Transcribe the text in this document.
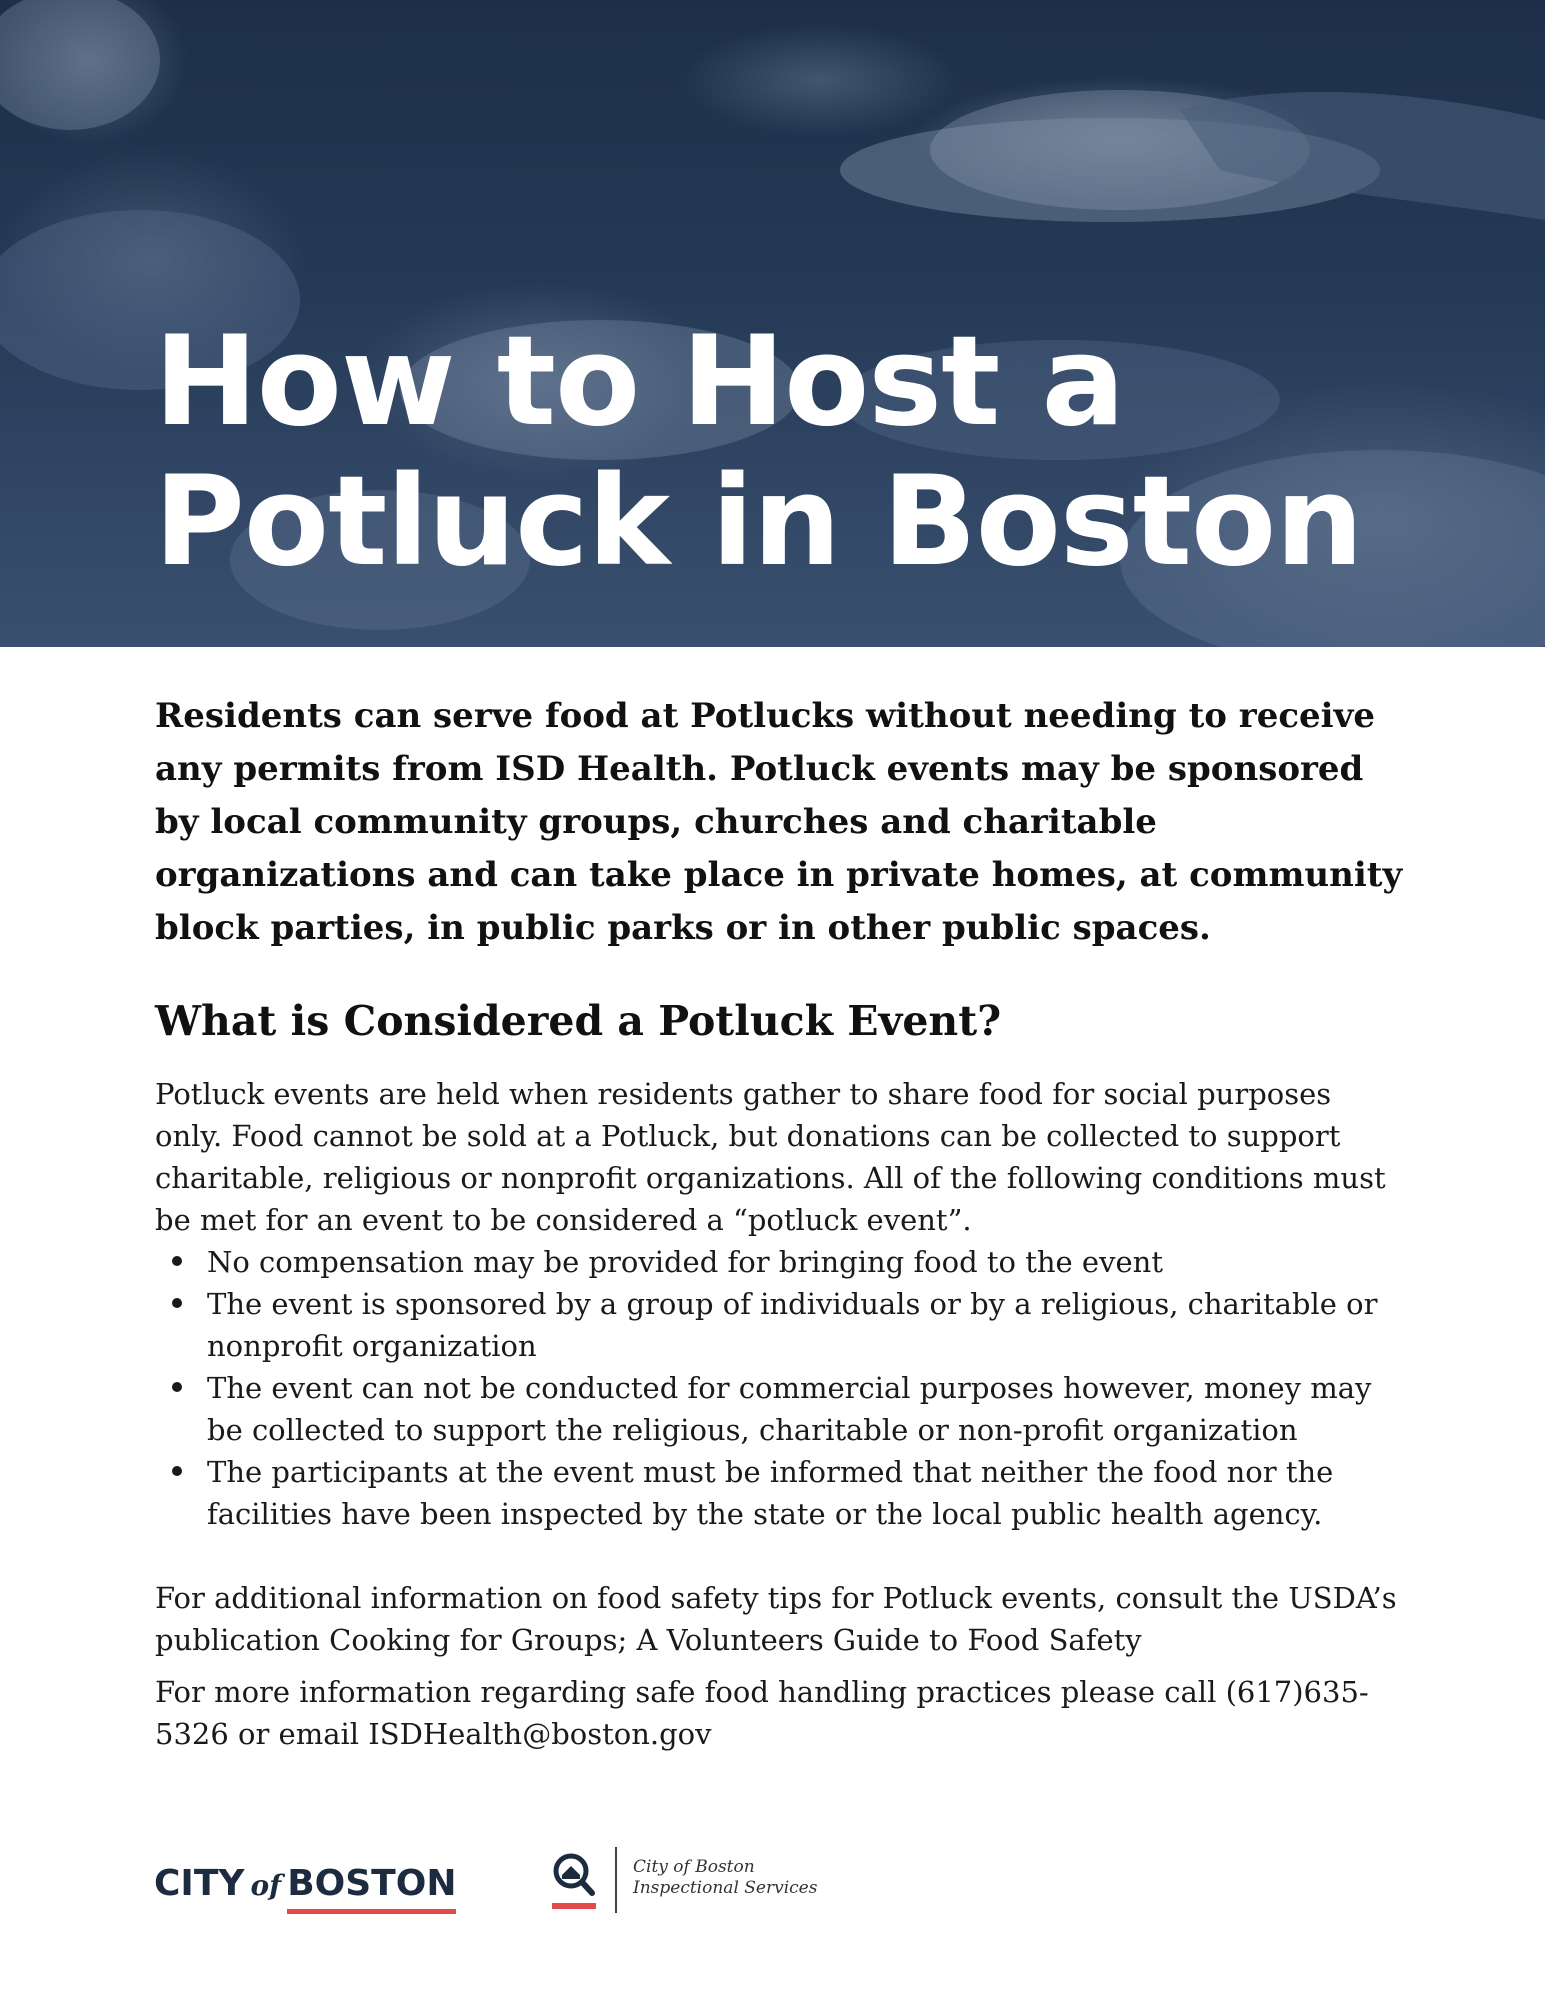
How to Host a
Potluck in Boston

Residents can serve food at Potlucks without needing to receive any permits from ISD Health. Potluck events may be sponsored by local community groups, churches and charitable organizations and can take place in private homes, at community block parties, in public parks or in other public spaces.

What is Considered a Potluck Event?

Potluck events are held when residents gather to share food for social purposes only. Food cannot be sold at a Potluck, but donations can be collected to support charitable, religious or nonprofit organizations. All of the following conditions must be met for an event to be considered a “potluck event”.

No compensation may be provided for bringing food to the event
The event is sponsored by a group of individuals or by a religious, charitable or nonprofit organization
The event can not be conducted for commercial purposes however, money may be collected to support the religious, charitable or non-profit organization
The participants at the event must be informed that neither the food nor the facilities have been inspected by the state or the local public health agency.

For additional information on food safety tips for Potluck events, consult the USDA’s publication Cooking for Groups; A Volunteers Guide to Food Safety

For more information regarding safe food handling practices please call (617)635-5326 or email ISDHealth@boston.gov

CITY of BOSTON	City of Boston
Inspectional Services
